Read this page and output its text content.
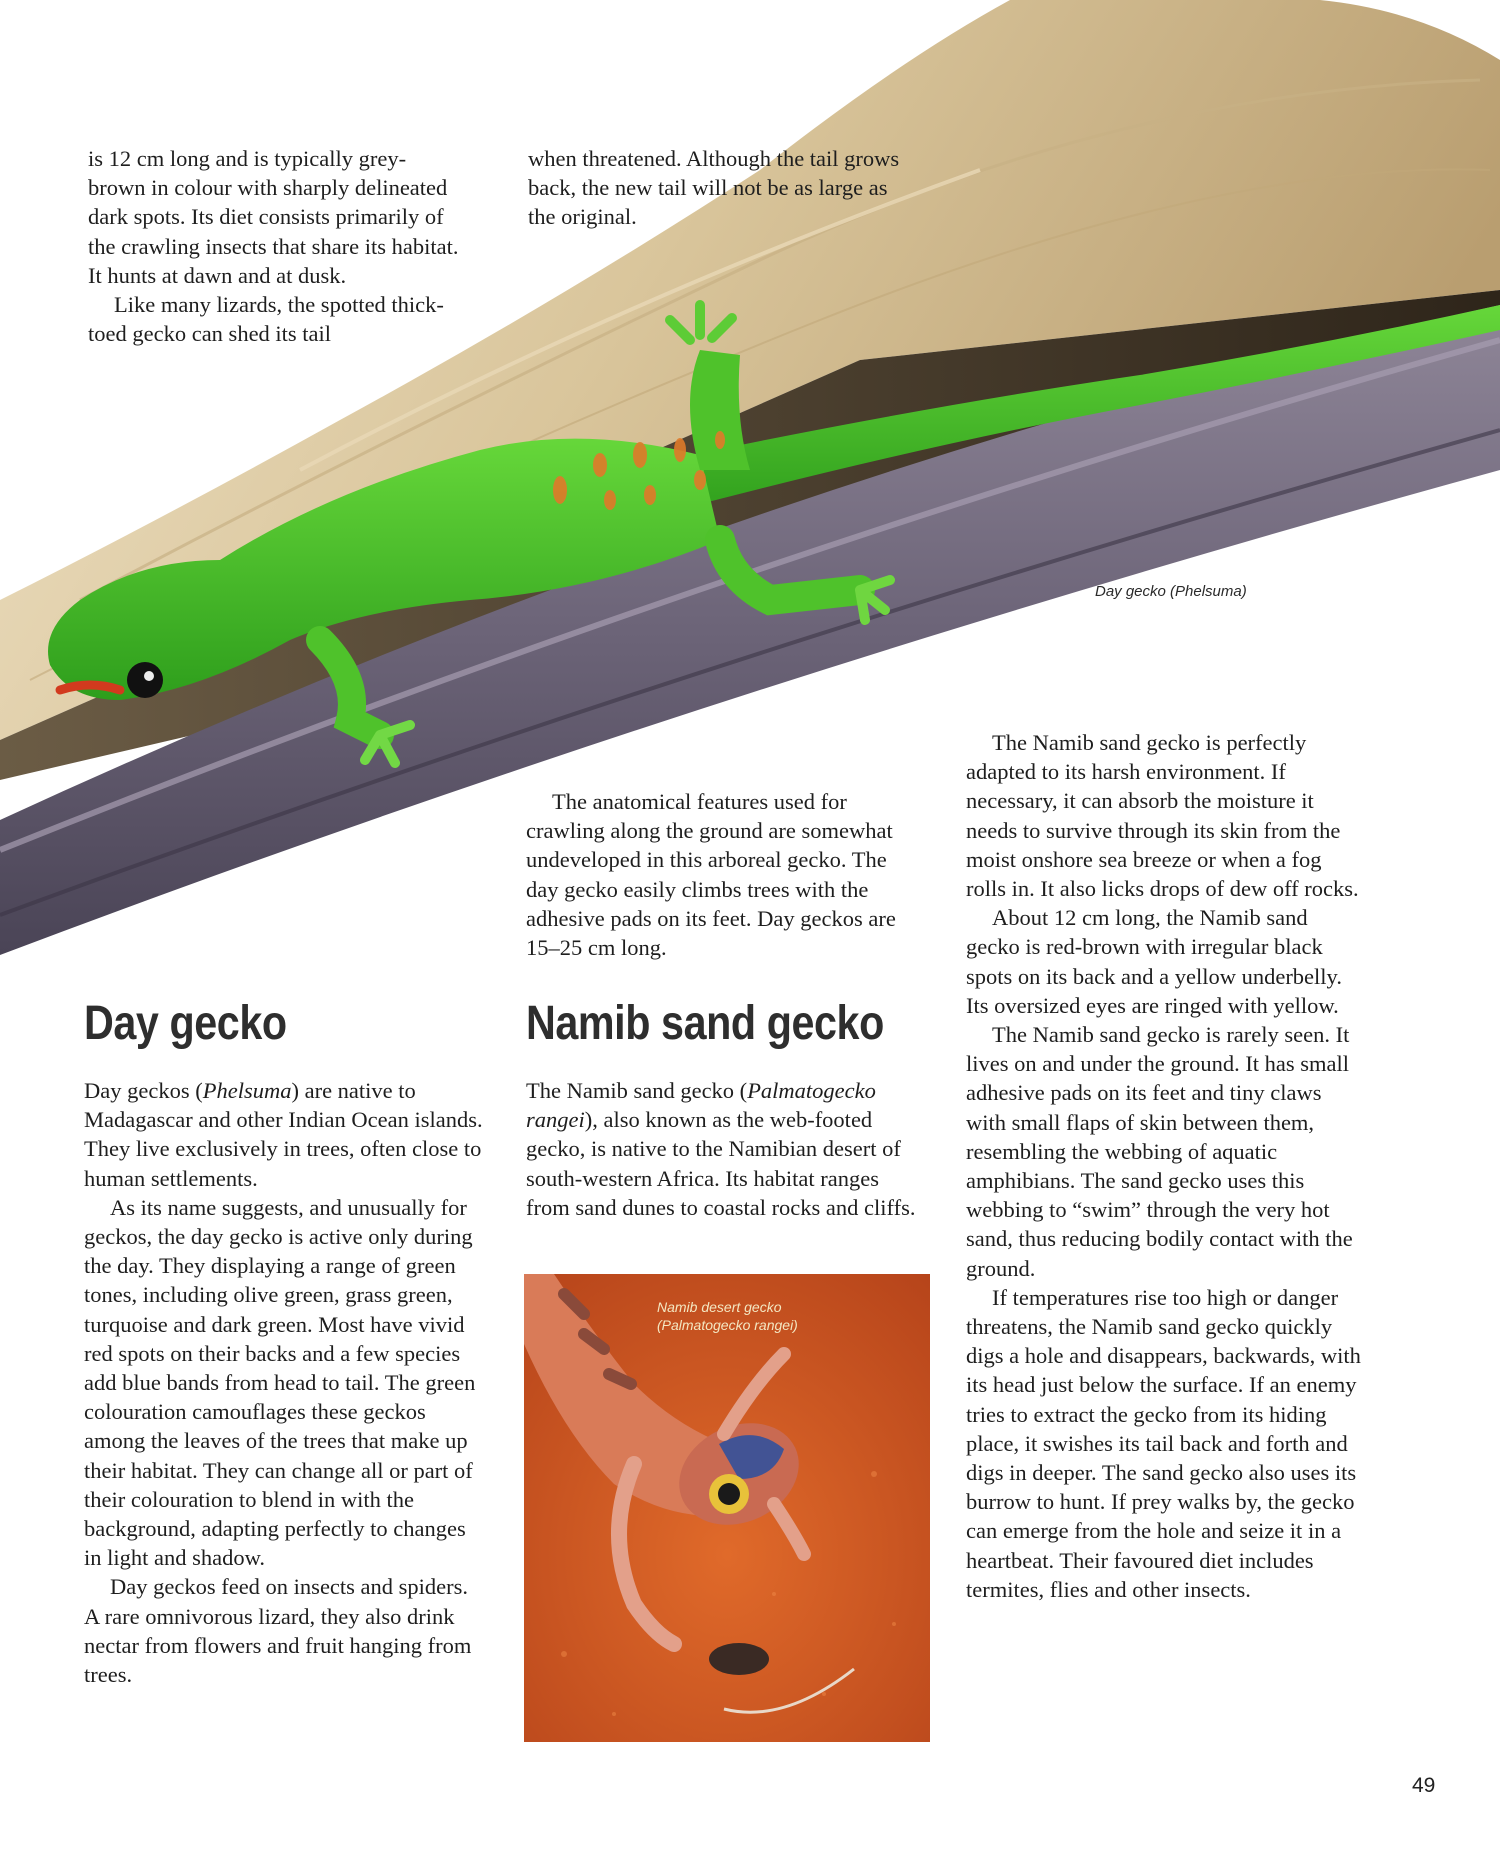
is 12 cm long and is typically grey-brown in colour with sharply delineated dark spots. Its diet consists primarily of the crawling insects that share its habitat. It hunts at dawn and at dusk.

Like many lizards, the spotted thick-toed gecko can shed its tail

when threatened. Although the tail grows back, the new tail will not be as large as the original.

Day gecko (Phelsuma)

The anatomical features used for crawling along the ground are somewhat undeveloped in this arboreal gecko. The day gecko easily climbs trees with the adhesive pads on its feet. Day geckos are 15–25 cm long.

Day gecko

Day geckos (Phelsuma) are native to Madagascar and other Indian Ocean islands. They live exclusively in trees, often close to human settlements.

As its name suggests, and unusually for geckos, the day gecko is active only during the day. They displaying a range of green tones, including olive green, grass green, turquoise and dark green. Most have vivid red spots on their backs and a few species add blue bands from head to tail. The green colouration camouflages these geckos among the leaves of the trees that make up their habitat. They can change all or part of their colouration to blend in with the background, adapting perfectly to changes in light and shadow.

Day geckos feed on insects and spiders. A rare omnivorous lizard, they also drink nectar from flowers and fruit hanging from trees.

Namib sand gecko

The Namib sand gecko (Palmatogecko rangei), also known as the web-footed gecko, is native to the Namibian desert of south-western Africa. Its habitat ranges from sand dunes to coastal rocks and cliffs.

Namib desert gecko
(Palmatogecko rangei)

The Namib sand gecko is perfectly adapted to its harsh environment. If necessary, it can absorb the moisture it needs to survive through its skin from the moist onshore sea breeze or when a fog rolls in. It also licks drops of dew off rocks.

About 12 cm long, the Namib sand gecko is red-brown with irregular black spots on its back and a yellow underbelly. Its oversized eyes are ringed with yellow.

The Namib sand gecko is rarely seen. It lives on and under the ground. It has small adhesive pads on its feet and tiny claws with small flaps of skin between them, resembling the webbing of aquatic amphibians. The sand gecko uses this webbing to “swim” through the very hot sand, thus reducing bodily contact with the ground.

If temperatures rise too high or danger threatens, the Namib sand gecko quickly digs a hole and disappears, backwards, with its head just below the surface. If an enemy tries to extract the gecko from its hiding place, it swishes its tail back and forth and digs in deeper. The sand gecko also uses its burrow to hunt. If prey walks by, the gecko can emerge from the hole and seize it in a heartbeat. Their favoured diet includes termites, flies and other insects.

49
